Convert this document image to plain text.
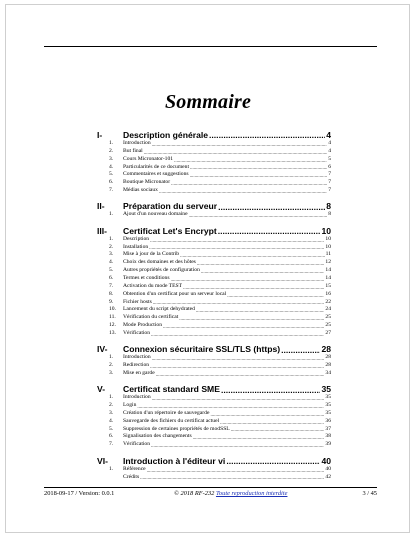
Sommaire
I-	Description générale .....	4
1.	Introduction .....	4
2.	But final .....	4
3.	Cours Micronator-101 .....	5
4.	Particularités de ce document .....	6
5.	Commentaires et suggestions .....	7
6.	Boutique Micronator .....	7
7.	Médias sociaux .....	7
II-	Préparation du serveur .....	8
1.	Ajout d'un nouveau domaine .....	8
III-	Certificat Let's Encrypt .....	10
1.	Description .....	10
2.	Installation .....	10
3.	Mise à jour de la Contrib .....	11
4.	Choix des domaines et des hôtes .....	12
5.	Autres propriétés de configuration .....	14
6.	Termes et conditions .....	14
7.	Activation du mode TEST .....	15
8.	Obtention d'un certificat pour un serveur local .....	16
9.	Fichier hosts .....	22
10.	Lancement du script dehydrated .....	24
11.	Vérification du certificat .....	25
12.	Mode Production .....	25
13.	Vérification .....	27
IV-	Connexion sécuritaire SSL/TLS (https) .....	28
1.	Introduction .....	28
2.	Redirection .....	28
3.	Mise en garde .....	34
V-	Certificat standard SME .....	35
1.	Introduction .....	35
2.	Login .....	35
3.	Création d'un répertoire de sauvegarde .....	35
4.	Sauvegarde des fichiers du certificat actuel .....	36
5.	Suppression de certaines propriétés de modSSL .....	37
6.	Signalisation des changements .....	38
7.	Vérification .....	39
VI-	Introduction à l'éditeur vi .....	40
1.	Référence .....	40
Crédits .....	42
2018-09-17 / Version: 0.0.1	© 2018 RF-232 Toute reproduction interdite	3 / 45
